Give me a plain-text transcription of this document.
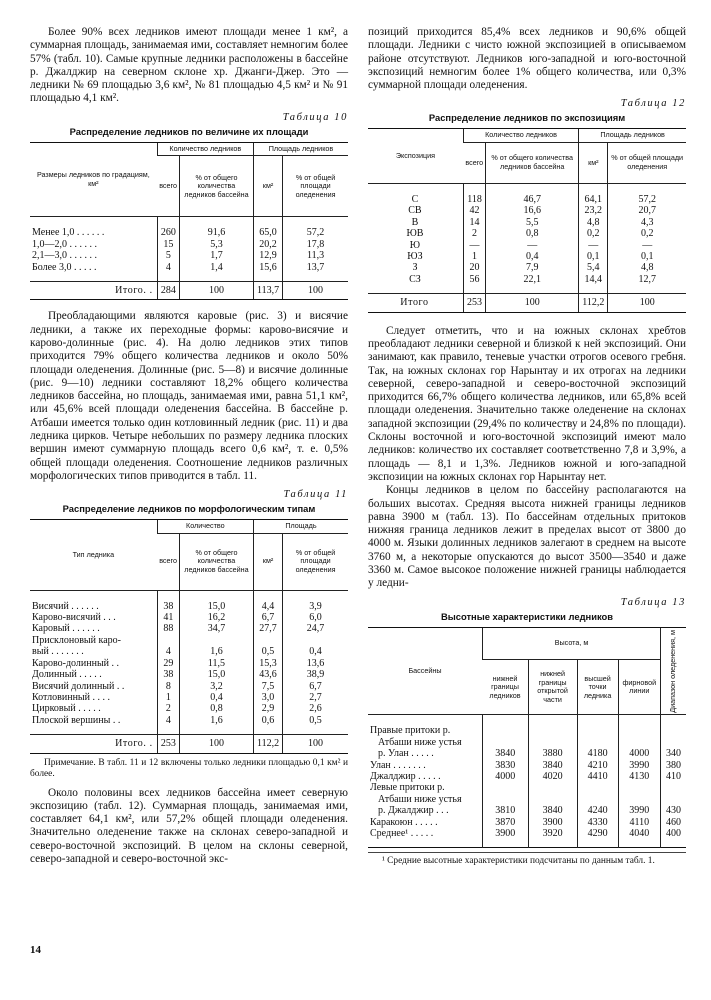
Более 90% всех ледников имеют площади менее 1 км², а суммарная площадь, занимаемая ими, составляет немногим более 57% (табл. 10). Самые крупные ледники расположены в бассейне р. Джалджир на северном склоне хр. Джанги-Джер. Это — ледники № 69 площадью 3,6 км², № 81 площадью 4,5 км² и № 91 площадью 4,1 км².

Таблица 10
Распределение ледников по величине их площади
Размеры ледников по градациям, км²	Количество ледников		Площадь ледников	
	всего	% от общего количества ледников бассейна	км²	% от общей площади оледенения
Менее 1,0 . . . . . .	260	91,6	65,0	57,2
1,0—2,0 . . . . . .	15	5,3	20,2	17,8
2,1—3,0 . . . . . .	5	1,7	12,9	11,3
Более 3,0 . . . . .	4	1,4	15,6	13,7
Итого. .	284	100	113,7	100

Преобладающими являются каровые (рис. 3) и висячие ледники, а также их переходные формы: карово-висячие и карово-долинные (рис. 4). На долю ледников этих типов приходится 79% общего количества ледников и около 50% площади оледенения. Долинные (рис. 5—8) и висячие долинные (рис. 9—10) ледники составляют 18,2% общего количества ледников бассейна, но площадь, занимаемая ими, равна 51,1 км², или 45,6% всей площади оледенения бассейна. В бассейне р. Атбаши имеется только один котловинный ледник (рис. 11) и два ледника цирков. Четыре небольших по размеру ледника плоских вершин имеют суммарную площадь всего 0,6 км², т. е. 0,5% общей площади оледенения. Соотношение ледников различных морфологических типов приводится в табл. 11.

Таблица 11
Распределение ледников по морфологическим типам
Тип ледника	Количество		Площадь	
	всего	% от общего количества ледников бассейна	км²	% от общей площади оледенения
Висячий . . . . . .	38	15,0	4,4	3,9
Карово-висячий . . .	41	16,2	6,7	6,0
Каровый . . . . . .	88	34,7	27,7	24,7
Присклоновый каро-				
вый . . . . . . .	4	1,6	0,5	0,4
Карово-долинный . .	29	11,5	15,3	13,6
Долинный . . . . .	38	15,0	43,6	38,9
Висячий долинный . .	8	3,2	7,5	6,7
Котловинный . . . .	1	0,4	3,0	2,7
Цирковый . . . . .	2	0,8	2,9	2,6
Плоской вершины . .	4	1,6	0,6	0,5
Итого. .	253	100	112,2	100

Примечание. В табл. 11 и 12 включены только ледники площадью 0,1 км² и более.

Около половины всех ледников бассейна имеет северную экспозицию (табл. 12). Суммарная площадь, занимаемая ими, составляет 64,1 км², или 57,2% общей площади оледенения. Значительно оледенение также на склонах северо-западной и северо-восточной экспозиций. В целом на склоны северной, северо-западной и северо-восточной экс-

14

позиций приходится 85,4% всех ледников и 90,6% общей площади. Ледники с чисто южной экспозицией в описываемом районе отсутствуют. Ледников юго-западной и юго-восточной экспозиций немногим более 1% общего количества, или 0,3% суммарной площади оледенения.

Таблица 12
Распределение ледников по экспозициям
Экспозиция	Количество ледников		Площадь ледников	
	всего	% от общего количества ледников бассейна	км²	% от общей площади оледенения
С	118	46,7	64,1	57,2
СВ	42	16,6	23,2	20,7
В	14	5,5	4,8	4,3
ЮВ	2	0,8	0,2	0,2
Ю	—	—	—	—
ЮЗ	1	0,4	0,1	0,1
З	20	7,9	5,4	4,8
СЗ	56	22,1	14,4	12,7
Итого	253	100	112,2	100

Следует отметить, что и на южных склонах хребтов преобладают ледники северной и близкой к ней экспозиций. Они занимают, как правило, теневые участки отрогов осевого гребня. Так, на южных склонах гор Нарынтау и их отрогах на ледники северной, северо-западной и северо-восточной экспозиций приходится 66,7% общего количества ледников, или 65,8% всей площади оледенения. Значительно также оледенение на склонах западной экспозиции (29,4% по количеству и 24,8% по площади). Склоны восточной и юго-восточной экспозиций имеют мало ледников: количество их составляет соответственно 7,8 и 3,9%, а площадь — 8,1 и 1,3%. Ледников южной и юго-западной экспозиции на южных склонах гор Нарынтау нет.

Концы ледников в целом по бассейну располагаются на больших высотах. Средняя высота нижней границы ледников равна 3900 м (табл. 13). По бассейнам отдельных притоков нижняя граница ледников лежит в пределах высот от 3800 до 4000 м. Языки долинных ледников залегают в среднем на высоте 3760 м, а некоторые опускаются до высот 3500—3540 и даже 3360 м. Самое высокое положение нижней границы наблюдается у ледни-

Таблица 13
Высотные характеристики ледников
Бассейны	Высота, м				Диапазон оледенения, м

	нижней границы ледников	нижней границы открытой части	высшей точки ледника	фирновой линии	
Правые притоки р.					
Атбаши ниже устья					
р. Улан . . . . .	3840	3880	4180	4000	340
Улан . . . . . . .	3830	3840	4210	3990	380
Джалджир . . . . .	4000	4020	4410	4130	410
Левые притоки р.					
Атбаши ниже устья					
р. Джалджир . . .	3810	3840	4240	3990	430
Каракоюн . . . . .	3870	3900	4330	4110	460
Среднее¹ . . . . .	3900	3920	4290	4040	400

¹ Средние высотные характеристики подсчитаны по данным табл. 1.
